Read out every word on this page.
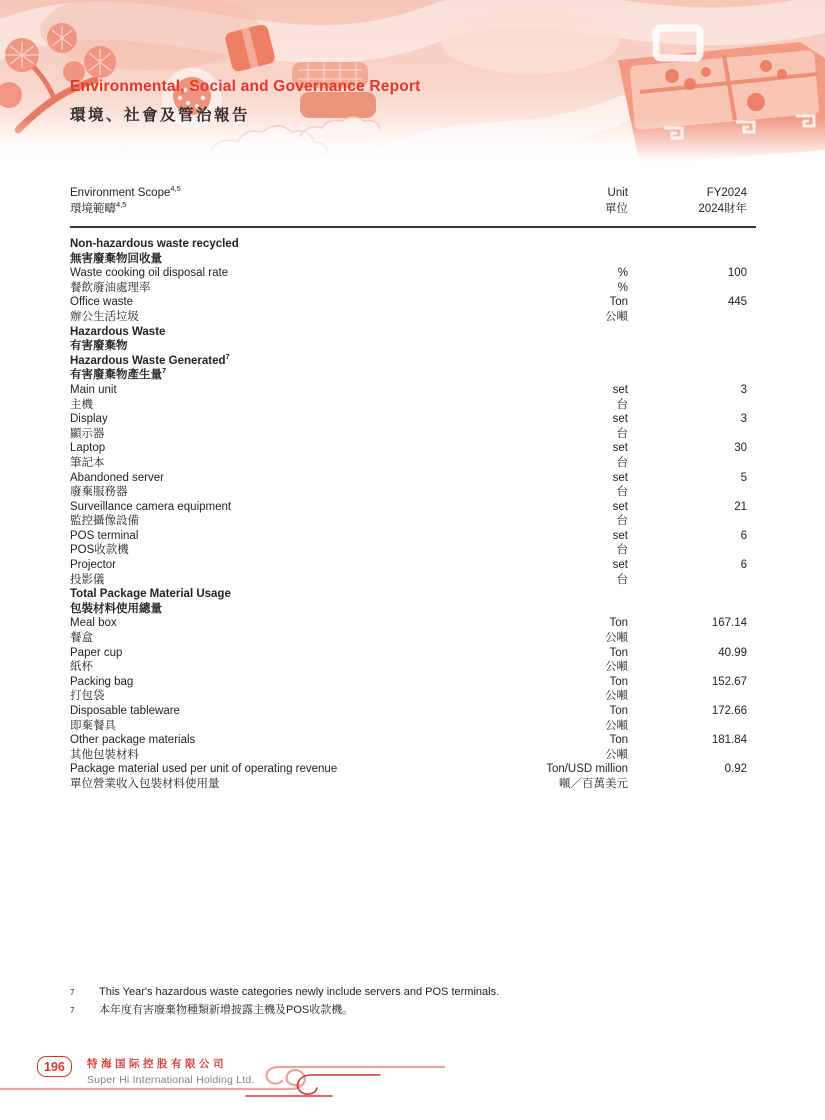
Environmental, Social and Governance Report
環境、社會及管治報告
Environment Scope$^{4,5}$	Unit	FY2024
環境範疇$^{4,5}$	單位	2024財年
Non-hazardous waste recycled
無害廢棄物回收量
Waste cooking oil disposal rate	%	100
餐飲廢油處理率	%
Office waste	Ton	445
辦公生活垃圾	公噸
Hazardous Waste
有害廢棄物
Hazardous Waste Generated$^7$
有害廢棄物產生量$^7$
Main unit	set	3
主機	台
Display	set	3
顯示器	台
Laptop	set	30
筆記本	台
Abandoned server	set	5
廢棄服務器	台
Surveillance camera equipment	set	21
監控攝像設備	台
POS terminal	set	6
POS收款機	台
Projector	set	6
投影儀	台
Total Package Material Usage
包裝材料使用總量
Meal box	Ton	167.14
餐盒	公噸
Paper cup	Ton	40.99
紙杯	公噸
Packing bag	Ton	152.67
打包袋	公噸
Disposable tableware	Ton	172.66
即棄餐具	公噸
Other package materials	Ton	181.84
其他包裝材料	公噸
Package material used per unit of operating revenue	Ton/USD million	0.92
單位營業收入包裝材料使用量	噸／百萬美元
7	This Year's hazardous waste categories newly include servers and POS terminals.
7	本年度有害廢棄物種類新增披露主機及POS收款機。
196	特海国际控股有限公司
Super Hi International Holding Ltd.
